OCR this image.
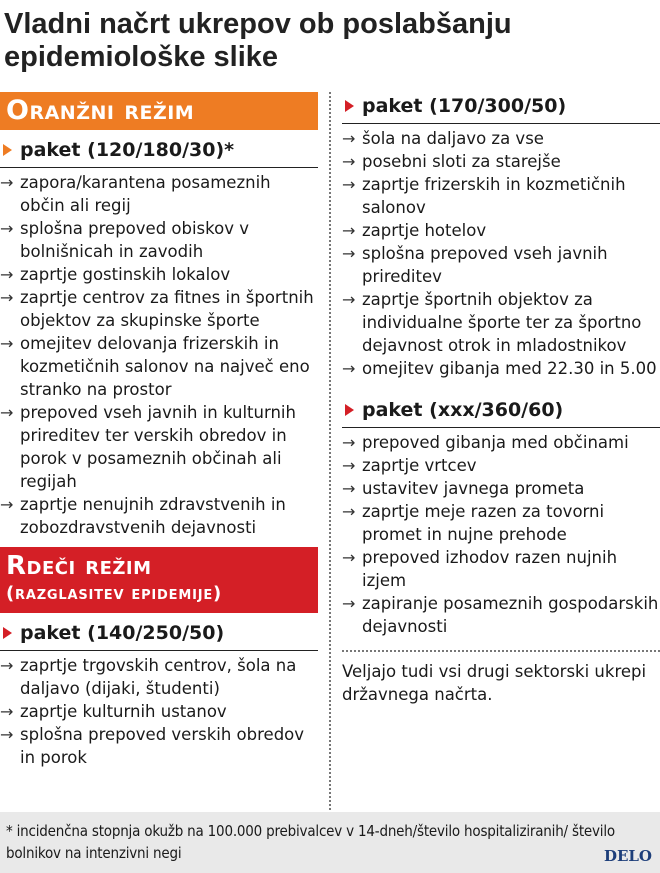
Vladni načrt ukrepov ob poslabšanju epidemiološke slike
Oranžni režim
paket (120/180/30)*
→ zapora/karantena posameznih občin ali regij
→ splošna prepoved obiskov v bolnišnicah in zavodih
→ zaprtje gostinskih lokalov
→ zaprtje centrov za fitnes in športnih objektov za skupinske športe
→ omejitev delovanja frizerskih in kozmetičnih salonov na največ eno stranko na prostor
→ prepoved vseh javnih in kulturnih prireditev ter verskih obredov in porok v posameznih občinah ali regijah
→ zaprtje nenujnih zdravstvenih in zobozdravstvenih dejavnosti
Rdeči režim
(razglasitev epidemije)
paket (140/250/50)
→ zaprtje trgovskih centrov, šola na daljavo (dijaki, študenti)
→ zaprtje kulturnih ustanov
→ splošna prepoved verskih obredov in porok
paket (170/300/50)
→ šola na daljavo za vse
→ posebni sloti za starejše
→ zaprtje frizerskih in kozmetičnih salonov
→ zaprtje hotelov
→ splošna prepoved vseh javnih prireditev
→ zaprtje športnih objektov za individualne športe ter za športno dejavnost otrok in mladostnikov
→ omejitev gibanja med 22.30 in 5.00
paket (xxx/360/60)
→ prepoved gibanja med občinami
→ zaprtje vrtcev
→ ustavitev javnega prometa
→ zaprtje meje razen za tovorni promet in nujne prehode
→ prepoved izhodov razen nujnih izjem
→ zapiranje posameznih gospodarskih dejavnosti

Veljajo tudi vsi drugi sektorski ukrepi državnega načrta.

* incidenčna stopnja okužb na 100.000 prebivalcev v 14-dneh/število hospitaliziranih/ število bolnikov na intenzivni negi	DELO
